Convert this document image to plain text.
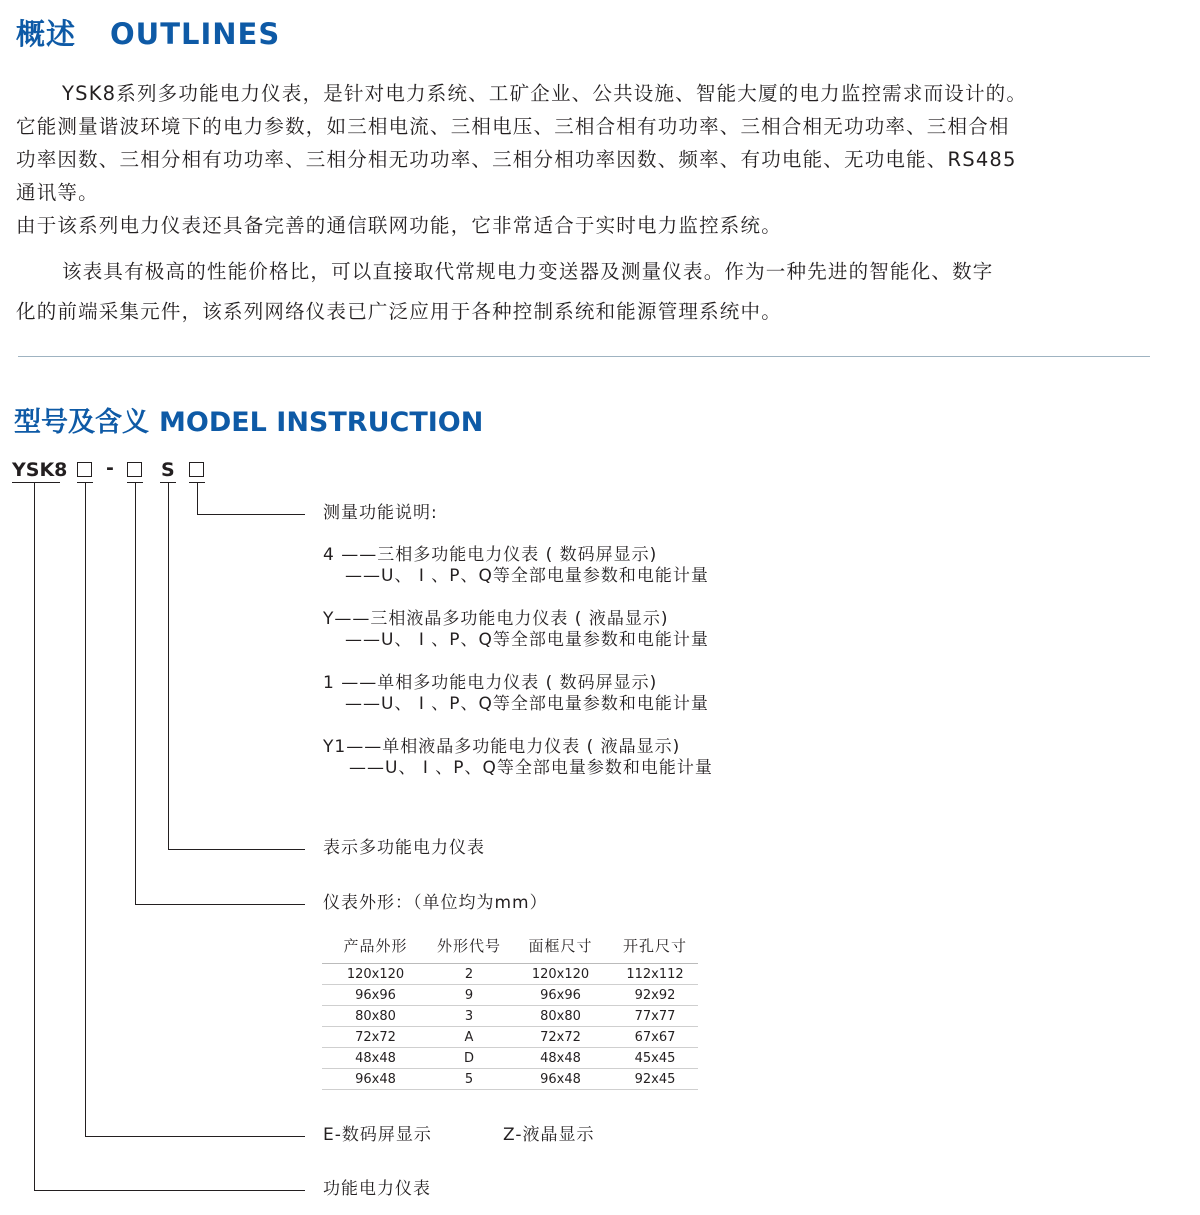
概述 OUTLINES
YSK8系列多功能电力仪表，是针对电力系统、工矿企业、公共设施、智能大厦的电力监控需求而设计的。
它能测量谐波环境下的电力参数，如三相电流、三相电压、三相合相有功功率、三相合相无功功率、三相合相
功率因数、三相分相有功功率、三相分相无功功率、三相分相功率因数、频率、有功电能、无功电能、RS485
通讯等。
由于该系列电力仪表还具备完善的通信联网功能，它非常适合于实时电力监控系统。
该表具有极高的性能价格比，可以直接取代常规电力变送器及测量仪表。作为一种先进的智能化、数字
化的前端采集元件，该系列网络仪表已广泛应用于各种控制系统和能源管理系统中。
型号及含义 MODEL INSTRUCTION
YSK8 - S
测量功能说明:
4 ——三相多功能电力仪表 ( 数码屏显示)
——U、 I 、P、Q等全部电量参数和电能计量
Y——三相液晶多功能电力仪表 ( 液晶显示)
——U、 I 、P、Q等全部电量参数和电能计量
1 ——单相多功能电力仪表 ( 数码屏显示)
——U、 I 、P、Q等全部电量参数和电能计量
Y1——单相液晶多功能电力仪表 ( 液晶显示)
——U、 I 、P、Q等全部电量参数和电能计量
表示多功能电力仪表
仪表外形：（单位均为mm）
产品外形	外形代号	面框尺寸	开孔尺寸
120x120	2	120x120	112x112
96x96	9	96x96	92x92
80x80	3	80x80	77x77
72x72	A	72x72	67x67
48x48	D	48x48	45x45
96x48	5	96x48	92x45
E-数码屏显示	Z-液晶显示
功能电力仪表
